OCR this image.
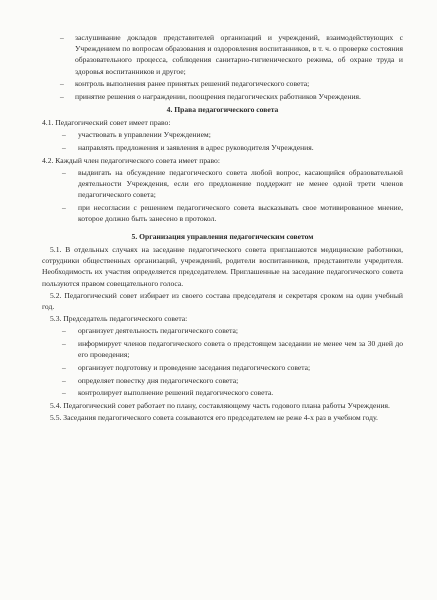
– заслушивание докладов представителей организаций и учреждений, взаимодействующих с Учреждением по вопросам образования и оздоровления воспитанников, в т. ч. о проверке состояния образовательного процесса, соблюдения санитарно-гигиенического режима, об охране труда и здоровья воспитанников и другое;

– контроль выполнения ранее принятых решений педагогического совета;

– принятие решения о награждении, поощрения педагогических работников Учреждения.

4. Права педагогического совета

4.1. Педагогический совет имеет право:

– участвовать в управлении Учреждением;

– направлять предложения и заявления в адрес руководителя Учреждения.

4.2. Каждый член педагогического совета имеет право:

– выдвигать на обсуждение педагогического совета любой вопрос, касающийся образовательной деятельности Учреждения, если его предложение поддержит не менее одной трети членов педагогического совета;

– при несогласии с решением педагогического совета высказывать свое мотивированное мнение, которое должно быть занесено в протокол.

5. Организация управления педагогическим советом

5.1. В отдельных случаях на заседание педагогического совета приглашаются медицинские работники, сотрудники общественных организаций, учреждений, родители воспитанников, представители учредителя. Необходимость их участия определяется председателем. Приглашенные на заседание педагогического совета пользуются правом совещательного голоса.

5.2. Педагогический совет избирает из своего состава председателя и секретаря сроком на один учебный год.

5.3. Председатель педагогического совета:

– организует деятельность педагогического совета;

– информирует членов педагогического совета о предстоящем заседании не менее чем за 30 дней до его проведения;

– организует подготовку и проведение заседания педагогического совета;

– определяет повестку дня педагогического совета;

– контролирует выполнение решений педагогического совета.

5.4. Педагогический совет работает по плану, составляющему часть годового плана работы Учреждения.

5.5. Заседания педагогического совета созываются его председателем не реже 4-х раз в учебном году.
